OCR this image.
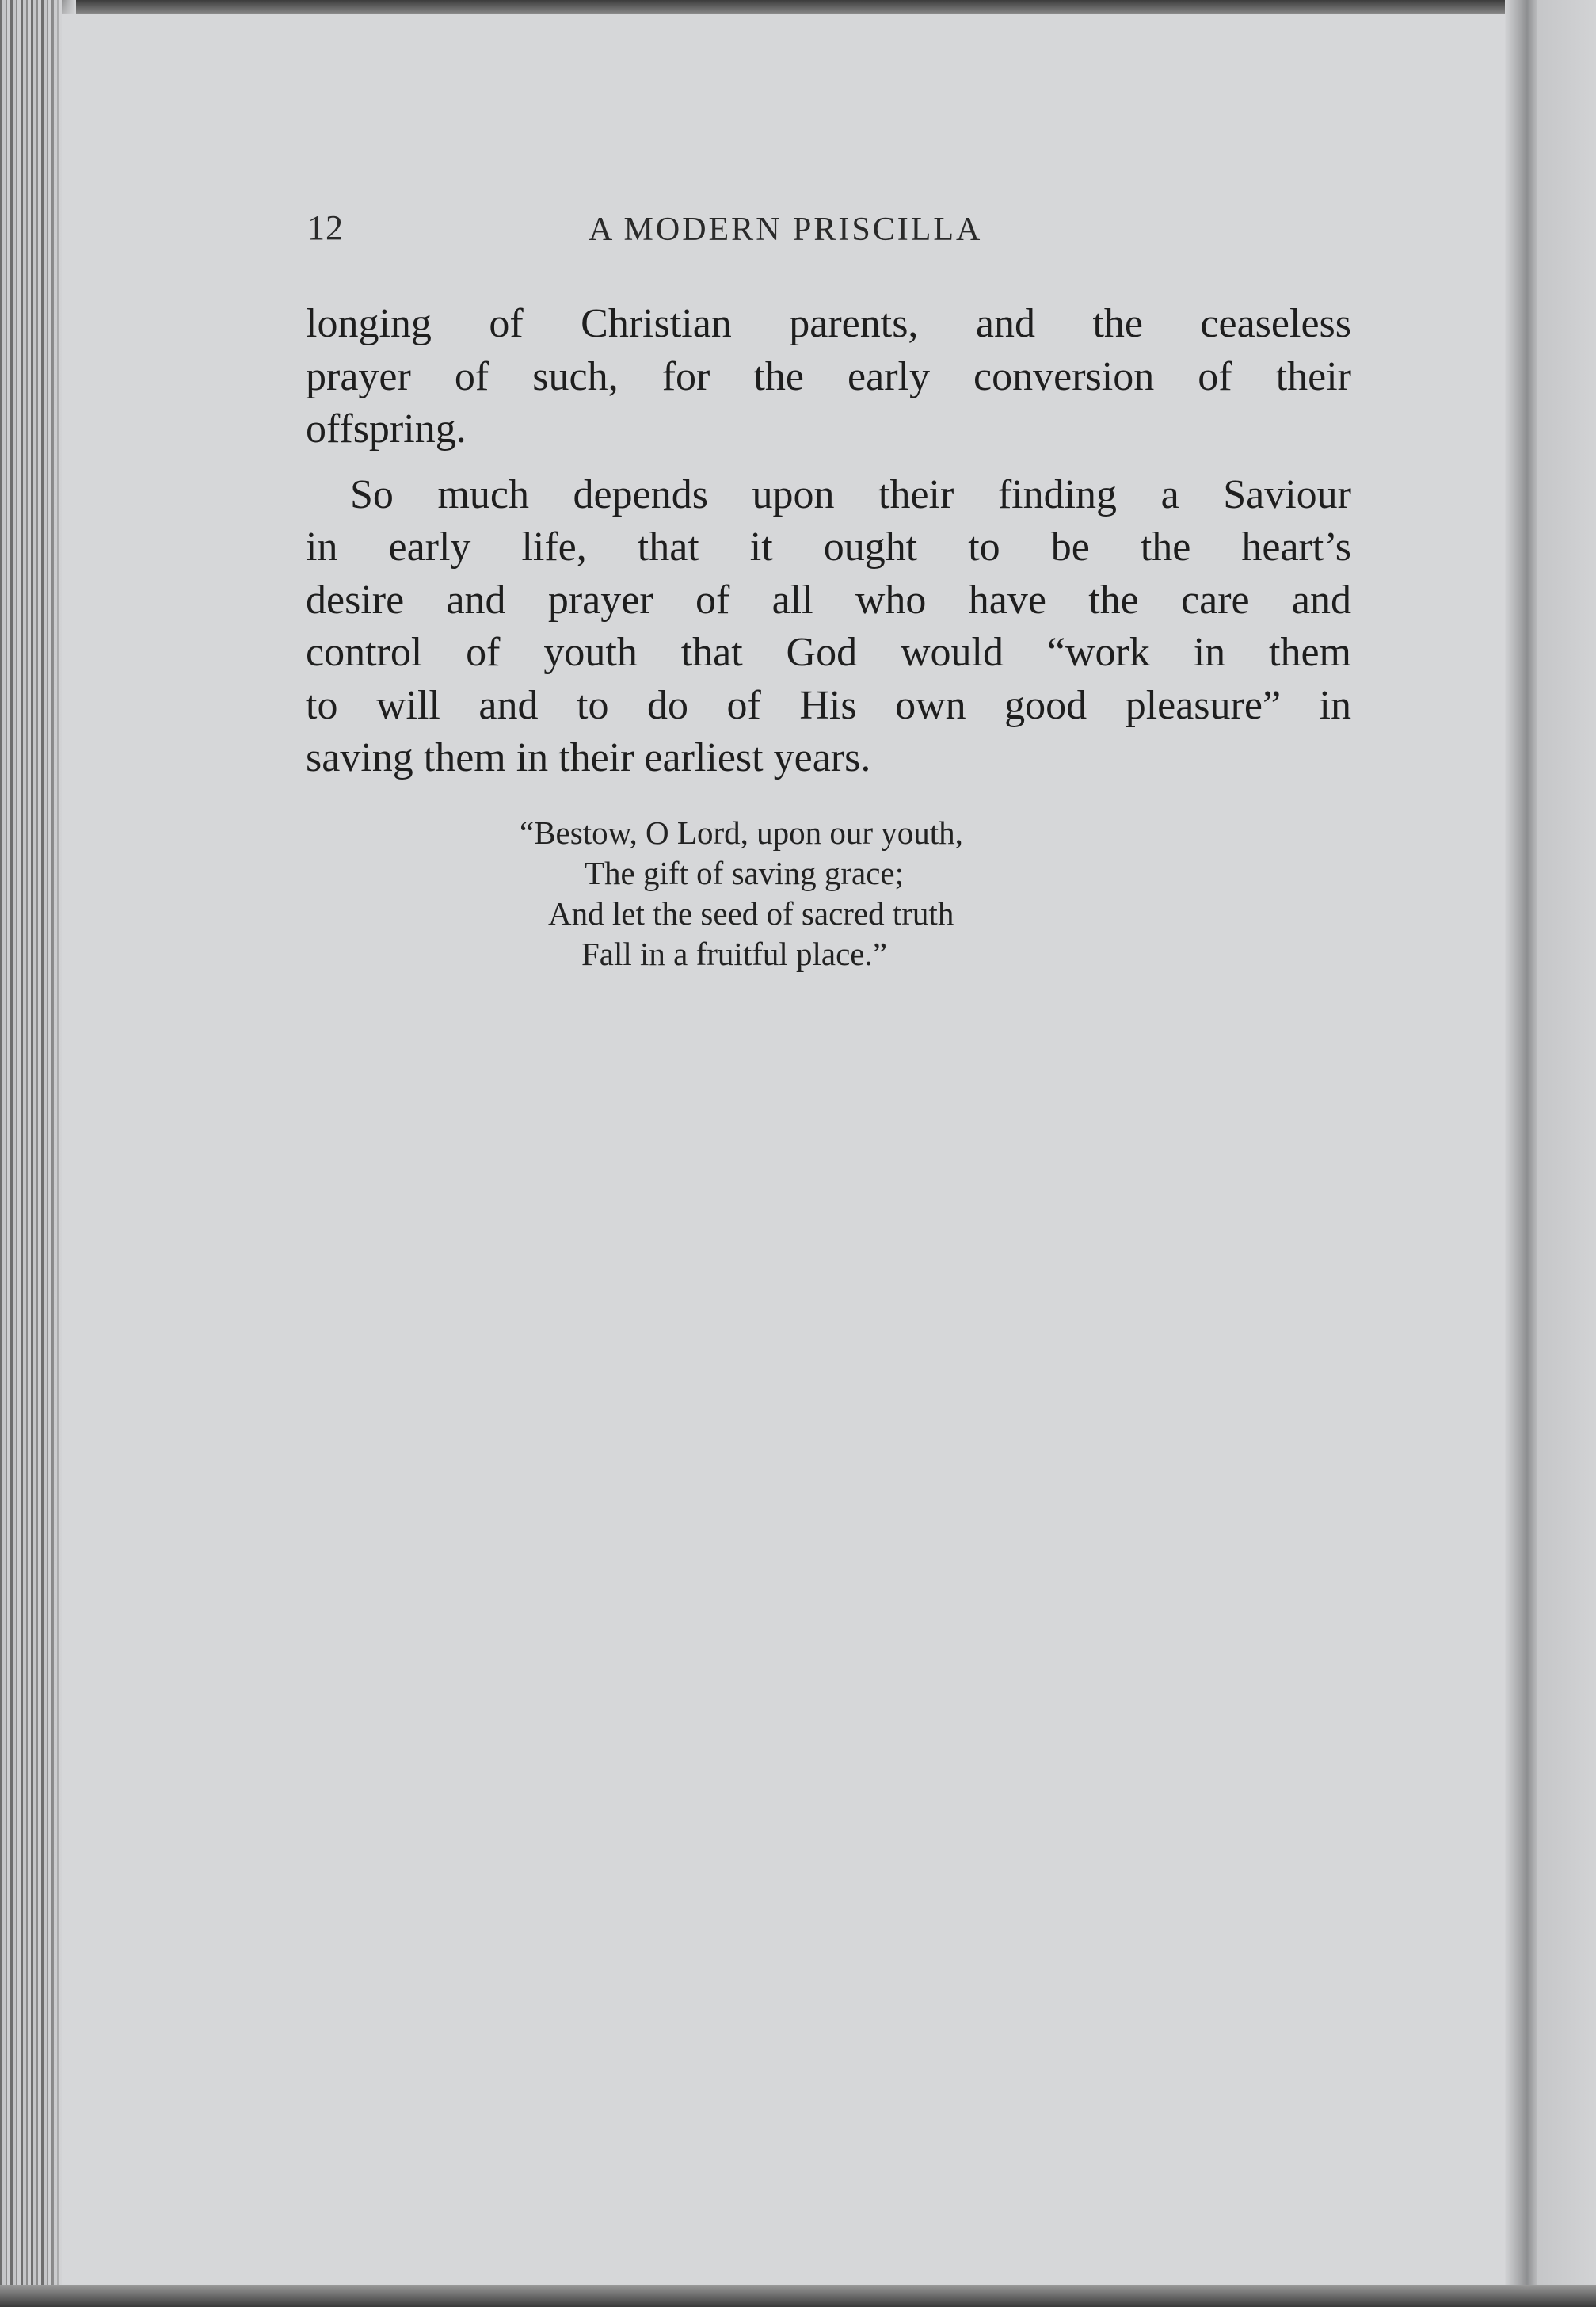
12	A MODERN PRISCILLA

longing of Christian parents, and the ceaseless
prayer of such, for the early conversion of their
offspring.

So much depends upon their finding a Saviour
in early life, that it ought to be the heart’s
desire and prayer of all who have the care and
control of youth that God would “work in them
to will and to do of His own good pleasure” in
saving them in their earliest years.

“Bestow, O Lord, upon our youth,
The gift of saving grace;
And let the seed of sacred truth
Fall in a fruitful place.”
